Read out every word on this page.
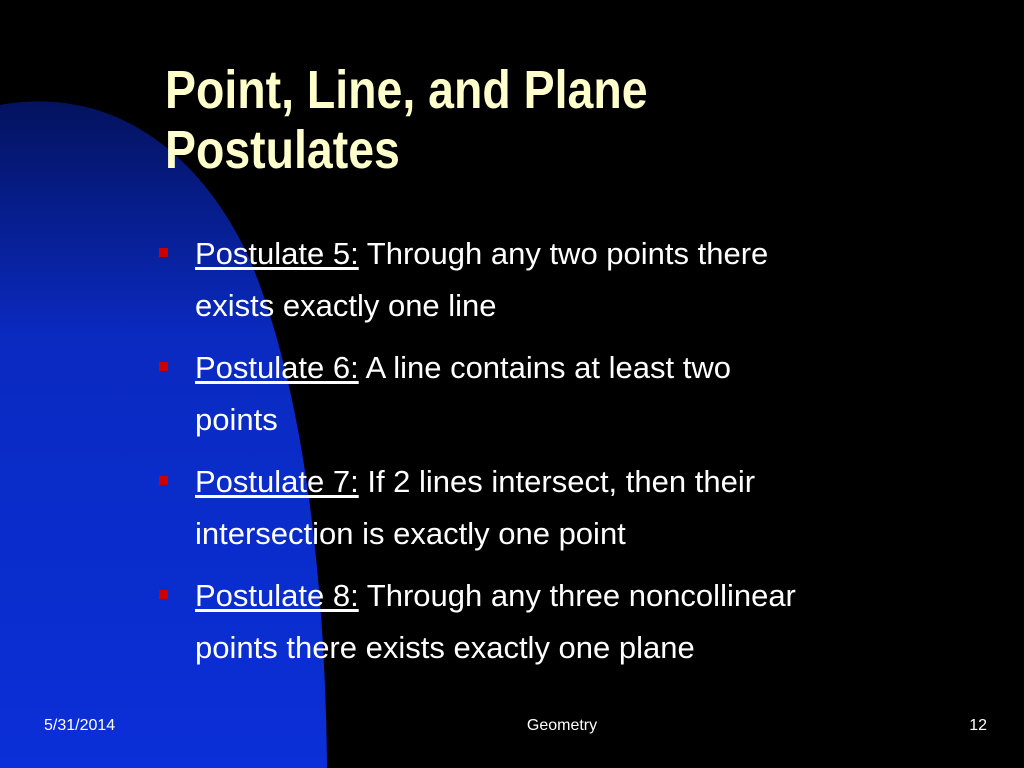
Point, Line, and Plane
Postulates
Postulate 5: Through any two points there
exists exactly one line
Postulate 6: A line contains at least two
points
Postulate 7: If 2 lines intersect, then their
intersection is exactly one point
Postulate 8: Through any three noncollinear
points there exists exactly one plane
5/31/2014	Geometry	12
